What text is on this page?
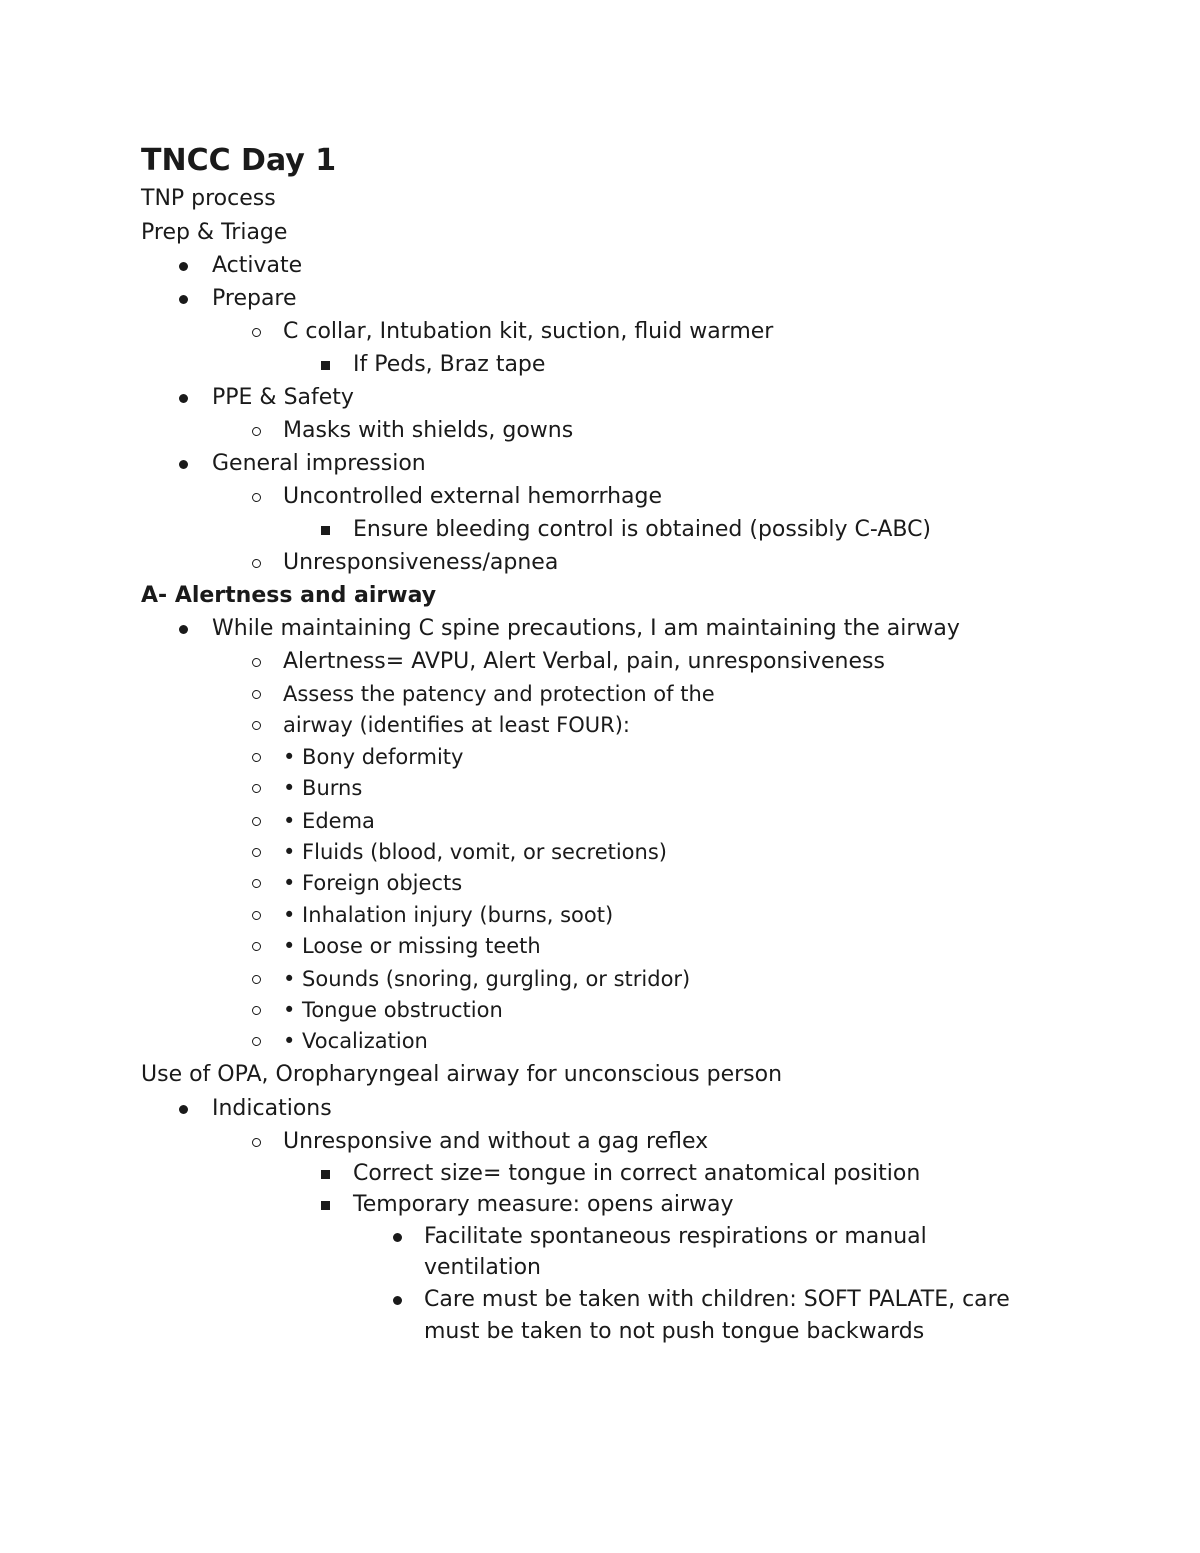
TNCC Day 1

TNP process

Prep & Triage

Activate

Prepare

C collar, Intubation kit, suction, fluid warmer

If Peds, Braz tape

PPE & Safety

Masks with shields, gowns

General impression

Uncontrolled external hemorrhage

Ensure bleeding control is obtained (possibly C-ABC)

Unresponsiveness/apnea

A- Alertness and airway

While maintaining C spine precautions, I am maintaining the airway

Alertness= AVPU, Alert Verbal, pain, unresponsiveness

Assess the patency and protection of the

airway (identifies at least FOUR):

• Bony deformity

• Burns

• Edema

• Fluids (blood, vomit, or secretions)

• Foreign objects

• Inhalation injury (burns, soot)

• Loose or missing teeth

• Sounds (snoring, gurgling, or stridor)

• Tongue obstruction

• Vocalization

Use of OPA, Oropharyngeal airway for unconscious person

Indications

Unresponsive and without a gag reflex

Correct size= tongue in correct anatomical position

Temporary measure: opens airway

Facilitate spontaneous respirations or manual

ventilation

Care must be taken with children: SOFT PALATE, care

must be taken to not push tongue backwards
